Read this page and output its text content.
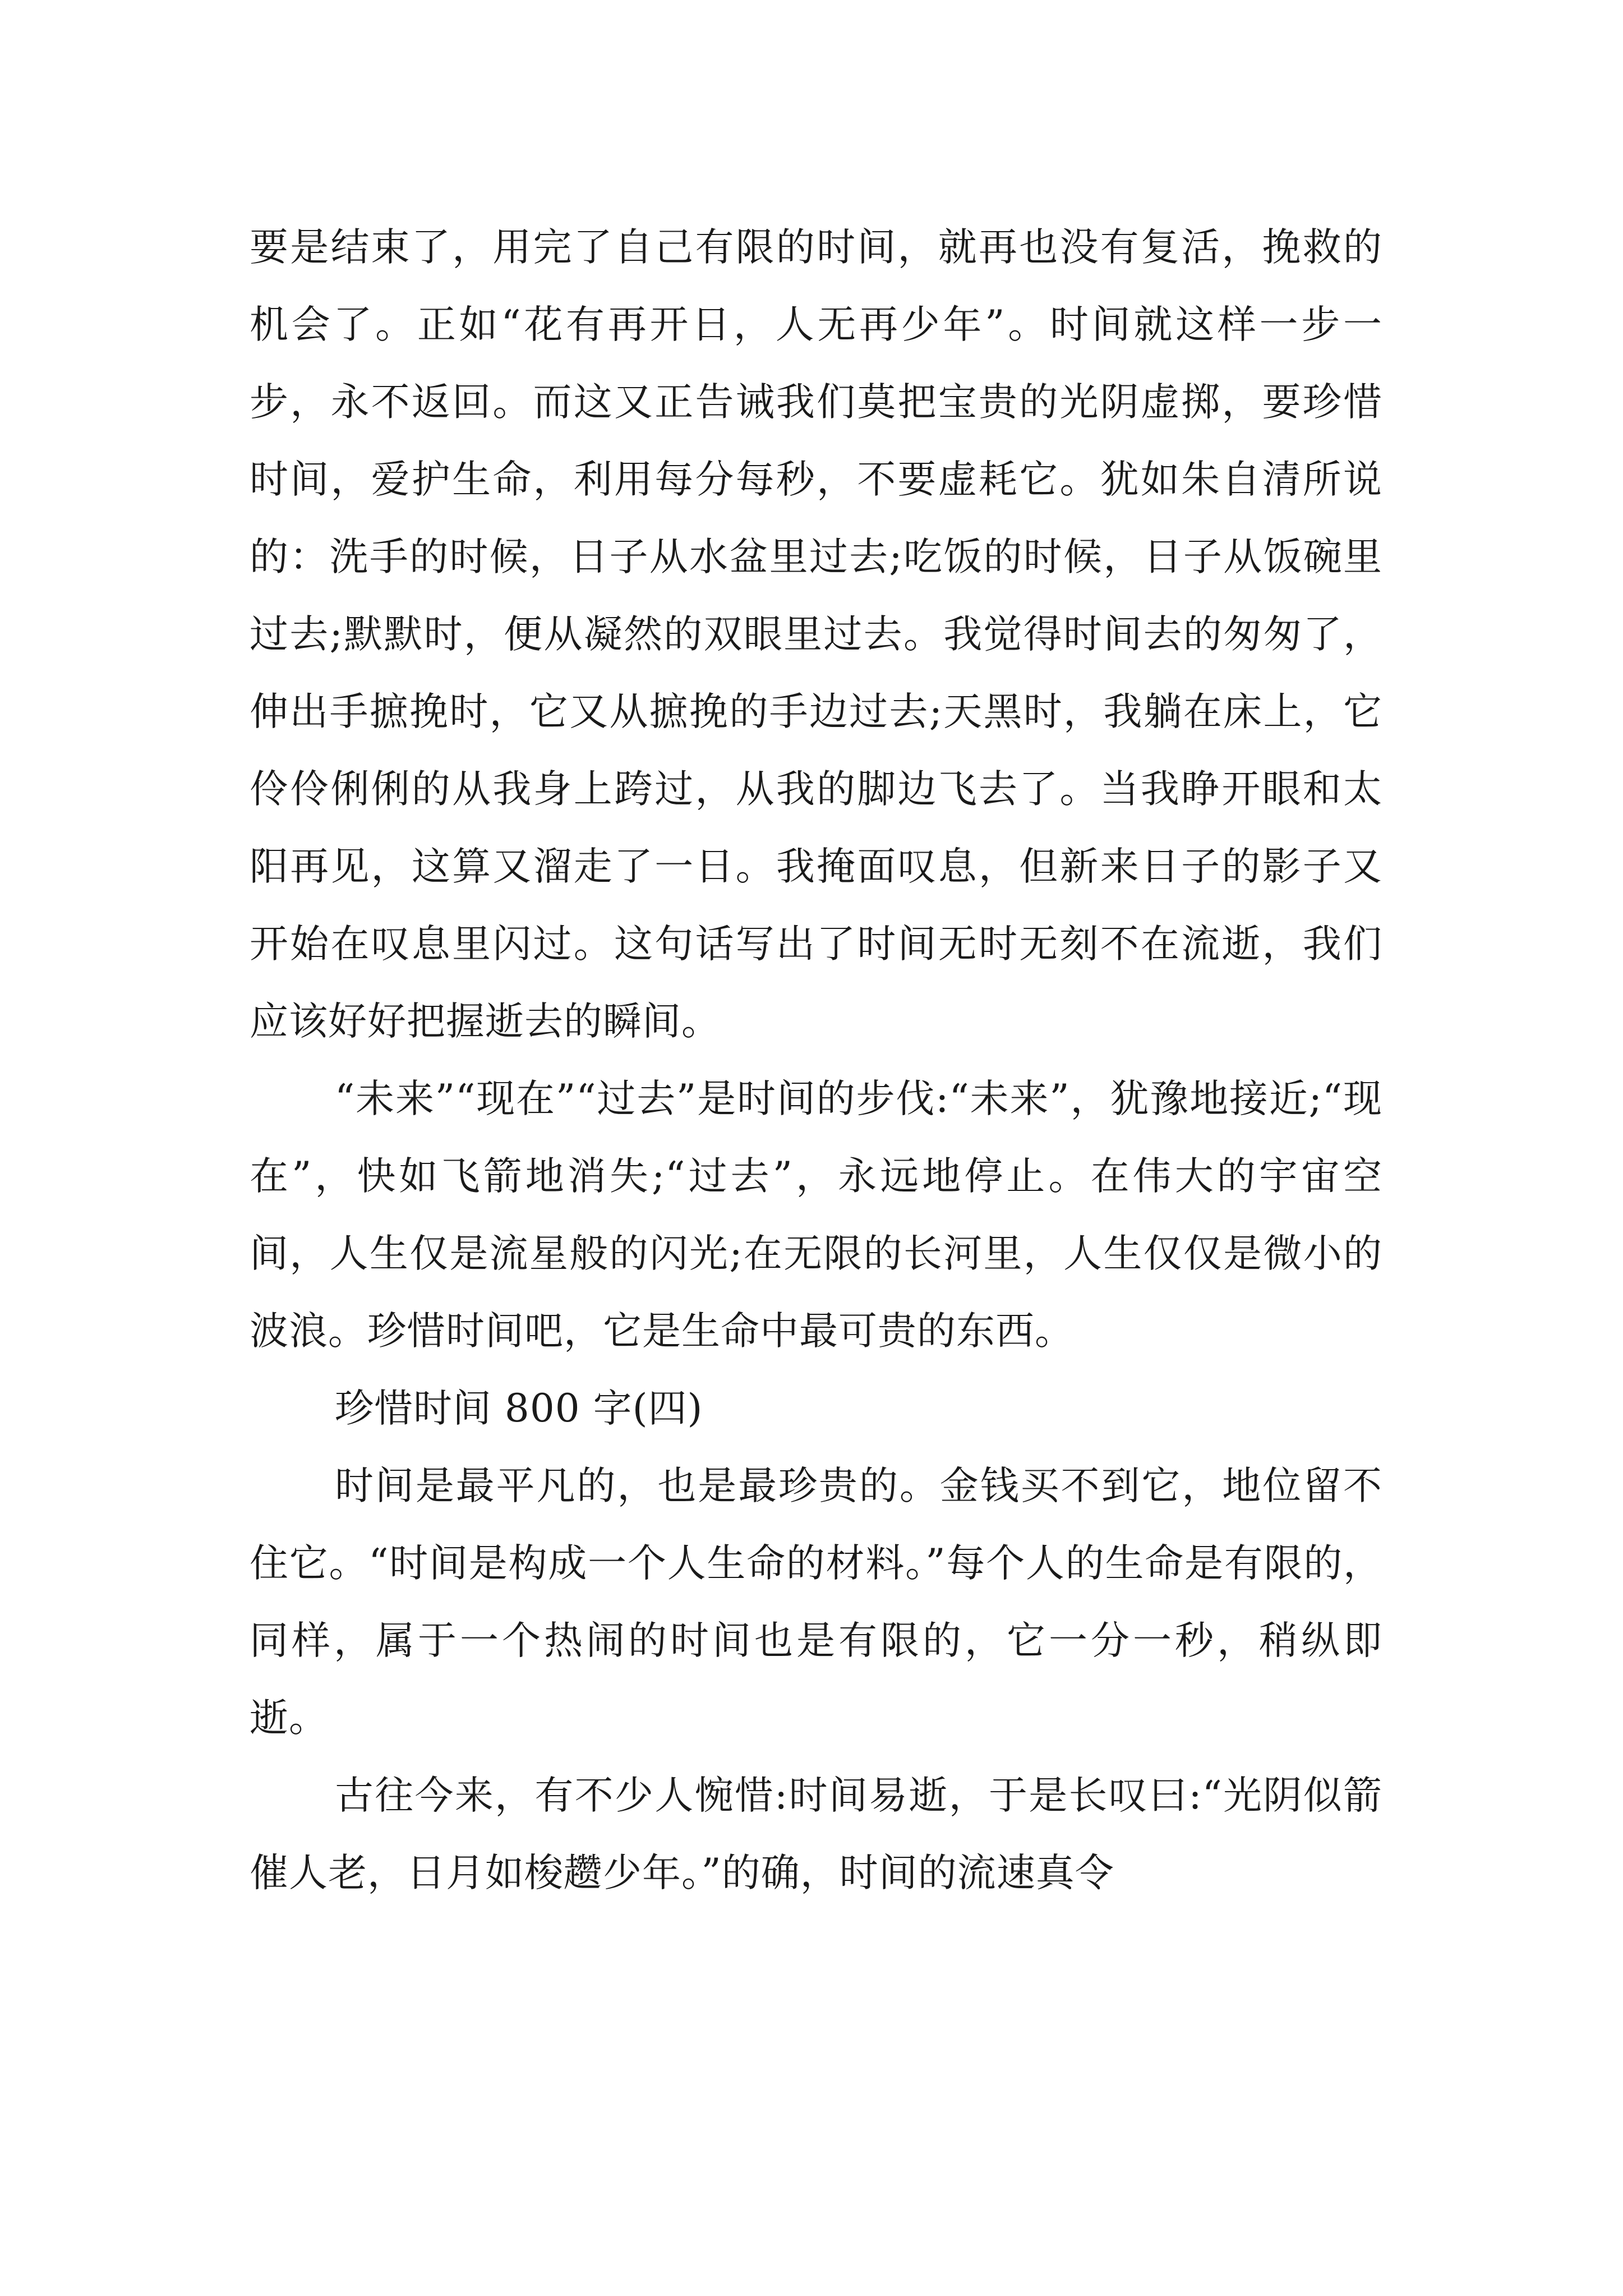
要是结束了，用完了自己有限的时间，就再也没有复活，挽救的机会了。正如“花有再开日，人无再少年”。时间就这样一步一步，永不返回。而这又正告诫我们莫把宝贵的光阴虚掷，要珍惜时间，爱护生命，利用每分每秒，不要虚耗它。犹如朱自清所说的：洗手的时候，日子从水盆里过去;吃饭的时候，日子从饭碗里过去;默默时，便从凝然的双眼里过去。我觉得时间去的匆匆了，伸出手摭挽时，它又从摭挽的手边过去;天黑时，我躺在床上，它伶伶俐俐的从我身上跨过，从我的脚边飞去了。当我睁开眼和太阳再见，这算又溜走了一日。我掩面叹息，但新来日子的影子又开始在叹息里闪过。这句话写出了时间无时无刻不在流逝，我们应该好好把握逝去的瞬间。

“未来”“现在”“过去”是时间的步伐:“未来”，犹豫地接近;“现在”，快如飞箭地消失;“过去”，永远地停止。在伟大的宇宙空间，人生仅是流星般的闪光;在无限的长河里，人生仅仅是微小的波浪。珍惜时间吧，它是生命中最可贵的东西。

珍惜时间 800 字(四)

时间是最平凡的，也是最珍贵的。金钱买不到它，地位留不住它。“时间是构成一个人生命的材料。”每个人的生命是有限的，同样，属于一个热闹的时间也是有限的，它一分一秒，稍纵即逝。

古往今来，有不少人惋惜:时间易逝，于是长叹曰:“光阴似箭催人老，日月如梭趱少年。”的确，时间的流速真令
